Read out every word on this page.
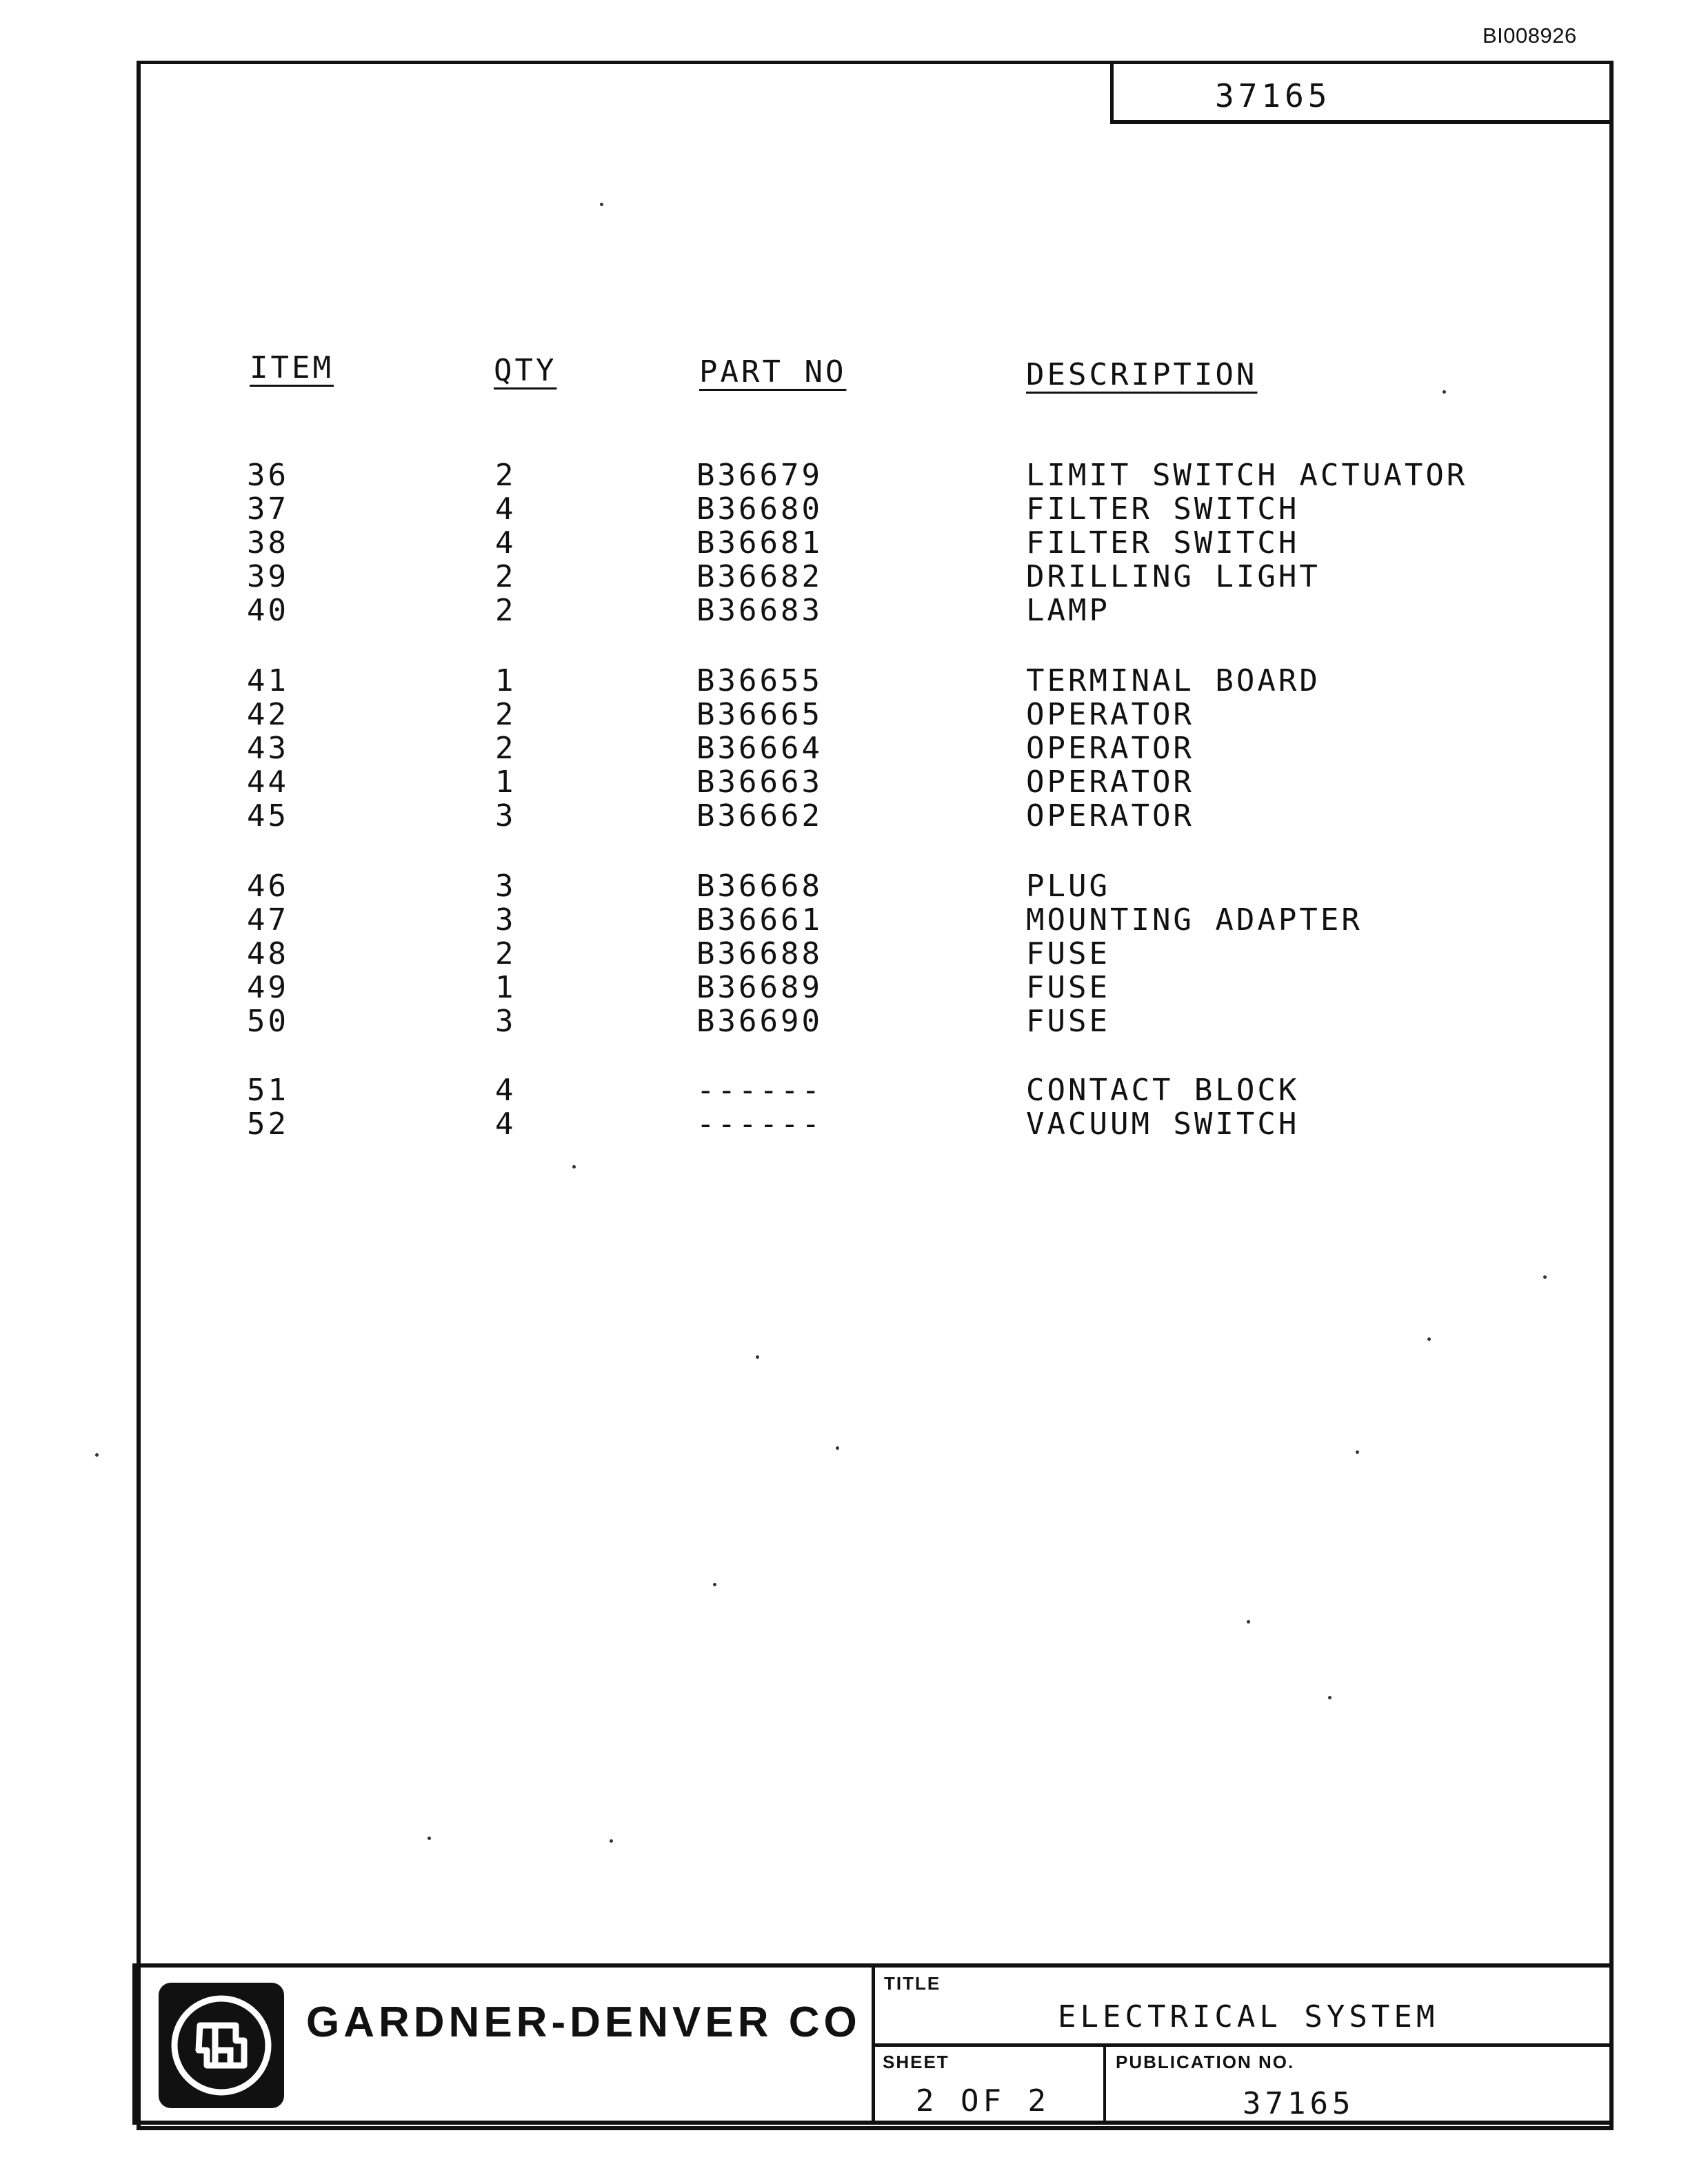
BI008926
37165
ITEM	QTY	PART NO	DESCRIPTION
36	2	B36679	LIMIT SWITCH ACTUATOR
37	4	B36680	FILTER SWITCH
38	4	B36681	FILTER SWITCH
39	2	B36682	DRILLING LIGHT
40	2	B36683	LAMP
41	1	B36655	TERMINAL BOARD
42	2	B36665	OPERATOR
43	2	B36664	OPERATOR
44	1	B36663	OPERATOR
45	3	B36662	OPERATOR
46	3	B36668	PLUG
47	3	B36661	MOUNTING ADAPTER
48	2	B36688	FUSE
49	1	B36689	FUSE
50	3	B36690	FUSE
51	4	------	CONTACT BLOCK
52	4	------	VACUUM SWITCH
GARDNER-DENVER CO
TITLE
ELECTRICAL SYSTEM
SHEET
2 OF 2
PUBLICATION NO.
37165
